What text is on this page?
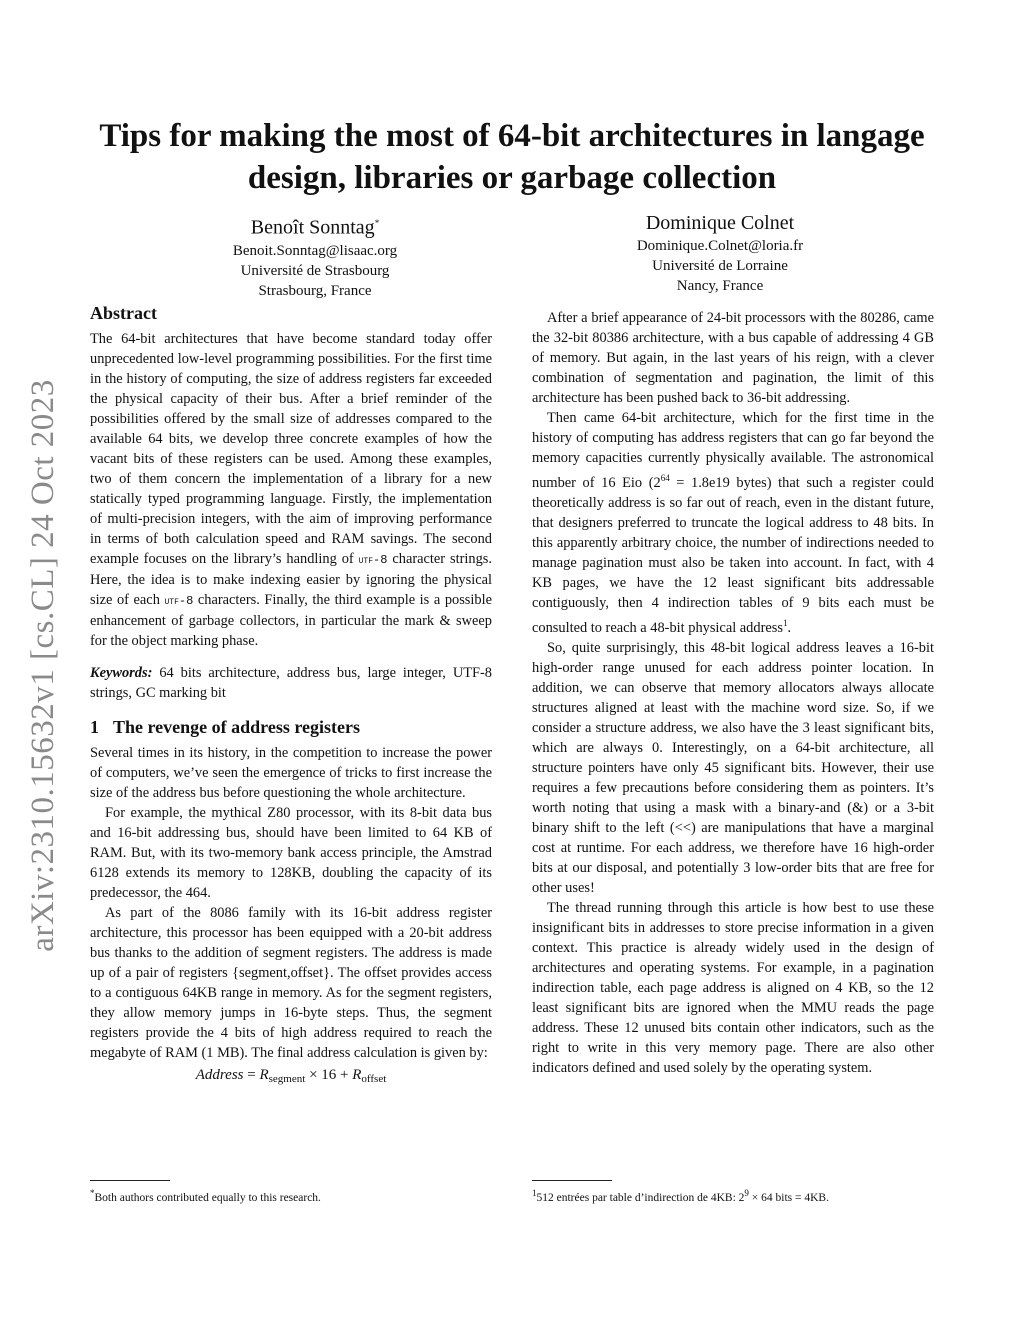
Tips for making the most of 64-bit architectures in langage design, libraries or garbage collection
Benoît Sonntag*
Benoit.Sonntag@lisaac.org
Université de Strasbourg
Strasbourg, France
Dominique Colnet
Dominique.Colnet@loria.fr
Université de Lorraine
Nancy, France
arXiv:2310.15632v1 [cs.CL] 24 Oct 2023
Abstract

The 64-bit architectures that have become standard today offer unprecedented low-level programming possibilities. For the first time in the history of computing, the size of address registers far exceeded the physical capacity of their bus. After a brief reminder of the possibilities offered by the small size of addresses compared to the available 64 bits, we develop three concrete examples of how the vacant bits of these registers can be used. Among these examples, two of them concern the implementation of a library for a new statically typed programming language. Firstly, the implementation of multi-precision integers, with the aim of improving performance in terms of both calculation speed and RAM savings. The second example focuses on the library’s handling of utf-8 character strings. Here, the idea is to make indexing easier by ignoring the physical size of each utf-8 characters. Finally, the third example is a possible enhancement of garbage collectors, in particular the mark & sweep for the object marking phase.

Keywords: 64 bits architecture, address bus, large integer, UTF-8 strings, GC marking bit

1 The revenge of address registers

Several times in its history, in the competition to increase the power of computers, we’ve seen the emergence of tricks to first increase the size of the address bus before questioning the whole architecture.

For example, the mythical Z80 processor, with its 8-bit data bus and 16-bit addressing bus, should have been limited to 64 KB of RAM. But, with its two-memory bank access principle, the Amstrad 6128 extends its memory to 128KB, doubling the capacity of its predecessor, the 464.

As part of the 8086 family with its 16-bit address register architecture, this processor has been equipped with a 20-bit address bus thanks to the addition of segment registers. The address is made up of a pair of registers {segment,offset}. The offset provides access to a contiguous 64KB range in memory. As for the segment registers, they allow memory jumps in 16-byte steps. Thus, the segment registers provide the 4 bits of high address required to reach the megabyte of RAM (1 MB). The final address calculation is given by:

Address = $R_{segment} \times 16 + R_{offset}$

After a brief appearance of 24-bit processors with the 80286, came the 32-bit 80386 architecture, with a bus capable of addressing 4 GB of memory. But again, in the last years of his reign, with a clever combination of segmentation and pagination, the limit of this architecture has been pushed back to 36-bit addressing.

Then came 64-bit architecture, which for the first time in the history of computing has address registers that can go far beyond the memory capacities currently physically available. The astronomical number of 16 Eio ($2^{64} = 1.8e19$ bytes) that such a register could theoretically address is so far out of reach, even in the distant future, that designers preferred to truncate the logical address to 48 bits. In this apparently arbitrary choice, the number of indirections needed to manage pagination must also be taken into account. In fact, with 4 KB pages, we have the 12 least significant bits addressable contiguously, then 4 indirection tables of 9 bits each must be consulted to reach a 48-bit physical address$^1$.

So, quite surprisingly, this 48-bit logical address leaves a 16-bit high-order range unused for each address pointer location. In addition, we can observe that memory allocators always allocate structures aligned at least with the machine word size. So, if we consider a structure address, we also have the 3 least significant bits, which are always 0. Interestingly, on a 64-bit architecture, all structure pointers have only 45 significant bits. However, their use requires a few precautions before considering them as pointers. It’s worth noting that using a mask with a binary-and (&) or a 3-bit binary shift to the left (<<) are manipulations that have a marginal cost at runtime. For each address, we therefore have 16 high-order bits at our disposal, and potentially 3 low-order bits that are free for other uses!

The thread running through this article is how best to use these insignificant bits in addresses to store precise information in a given context. This practice is already widely used in the design of architectures and operating systems. For example, in a pagination indirection table, each page address is aligned on 4 KB, so the 12 least significant bits are ignored when the MMU reads the page address. These 12 unused bits contain other indicators, such as the right to write in this very memory page. There are also other indicators defined and used solely by the operating system.

*Both authors contributed equally to this research.	$^1$512 entrées par table d’indirection de 4KB: $2^9 \times 64$ bits = 4KB.
